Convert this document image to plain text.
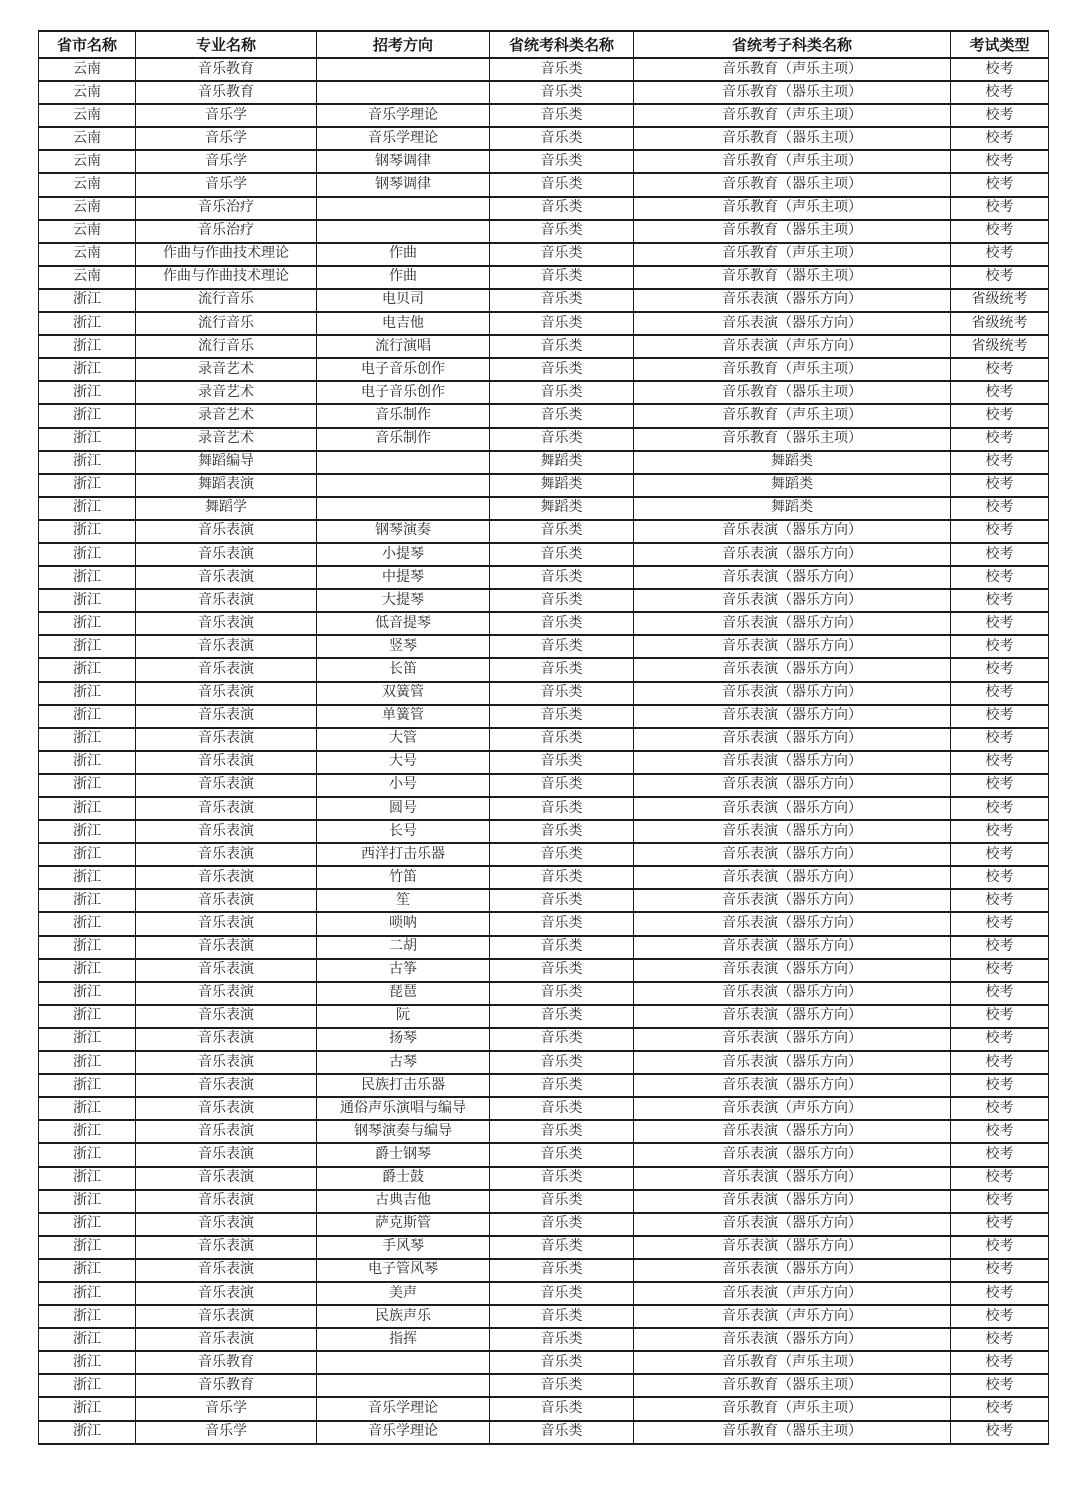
省市名称	专业名称	招考方向	省统考科类名称	省统考子科类名称	考试类型
云南	音乐教育		音乐类	音乐教育（声乐主项）	校考
云南	音乐教育		音乐类	音乐教育（器乐主项）	校考
云南	音乐学	音乐学理论	音乐类	音乐教育（声乐主项）	校考
云南	音乐学	音乐学理论	音乐类	音乐教育（器乐主项）	校考
云南	音乐学	钢琴调律	音乐类	音乐教育（声乐主项）	校考
云南	音乐学	钢琴调律	音乐类	音乐教育（器乐主项）	校考
云南	音乐治疗		音乐类	音乐教育（声乐主项）	校考
云南	音乐治疗		音乐类	音乐教育（器乐主项）	校考
云南	作曲与作曲技术理论	作曲	音乐类	音乐教育（声乐主项）	校考
云南	作曲与作曲技术理论	作曲	音乐类	音乐教育（器乐主项）	校考
浙江	流行音乐	电贝司	音乐类	音乐表演（器乐方向）	省级统考
浙江	流行音乐	电吉他	音乐类	音乐表演（器乐方向）	省级统考
浙江	流行音乐	流行演唱	音乐类	音乐表演（声乐方向）	省级统考
浙江	录音艺术	电子音乐创作	音乐类	音乐教育（声乐主项）	校考
浙江	录音艺术	电子音乐创作	音乐类	音乐教育（器乐主项）	校考
浙江	录音艺术	音乐制作	音乐类	音乐教育（声乐主项）	校考
浙江	录音艺术	音乐制作	音乐类	音乐教育（器乐主项）	校考
浙江	舞蹈编导		舞蹈类	舞蹈类	校考
浙江	舞蹈表演		舞蹈类	舞蹈类	校考
浙江	舞蹈学		舞蹈类	舞蹈类	校考
浙江	音乐表演	钢琴演奏	音乐类	音乐表演（器乐方向）	校考
浙江	音乐表演	小提琴	音乐类	音乐表演（器乐方向）	校考
浙江	音乐表演	中提琴	音乐类	音乐表演（器乐方向）	校考
浙江	音乐表演	大提琴	音乐类	音乐表演（器乐方向）	校考
浙江	音乐表演	低音提琴	音乐类	音乐表演（器乐方向）	校考
浙江	音乐表演	竖琴	音乐类	音乐表演（器乐方向）	校考
浙江	音乐表演	长笛	音乐类	音乐表演（器乐方向）	校考
浙江	音乐表演	双簧管	音乐类	音乐表演（器乐方向）	校考
浙江	音乐表演	单簧管	音乐类	音乐表演（器乐方向）	校考
浙江	音乐表演	大管	音乐类	音乐表演（器乐方向）	校考
浙江	音乐表演	大号	音乐类	音乐表演（器乐方向）	校考
浙江	音乐表演	小号	音乐类	音乐表演（器乐方向）	校考
浙江	音乐表演	圆号	音乐类	音乐表演（器乐方向）	校考
浙江	音乐表演	长号	音乐类	音乐表演（器乐方向）	校考
浙江	音乐表演	西洋打击乐器	音乐类	音乐表演（器乐方向）	校考
浙江	音乐表演	竹笛	音乐类	音乐表演（器乐方向）	校考
浙江	音乐表演	笙	音乐类	音乐表演（器乐方向）	校考
浙江	音乐表演	唢呐	音乐类	音乐表演（器乐方向）	校考
浙江	音乐表演	二胡	音乐类	音乐表演（器乐方向）	校考
浙江	音乐表演	古筝	音乐类	音乐表演（器乐方向）	校考
浙江	音乐表演	琵琶	音乐类	音乐表演（器乐方向）	校考
浙江	音乐表演	阮	音乐类	音乐表演（器乐方向）	校考
浙江	音乐表演	扬琴	音乐类	音乐表演（器乐方向）	校考
浙江	音乐表演	古琴	音乐类	音乐表演（器乐方向）	校考
浙江	音乐表演	民族打击乐器	音乐类	音乐表演（器乐方向）	校考
浙江	音乐表演	通俗声乐演唱与编导	音乐类	音乐表演（声乐方向）	校考
浙江	音乐表演	钢琴演奏与编导	音乐类	音乐表演（器乐方向）	校考
浙江	音乐表演	爵士钢琴	音乐类	音乐表演（器乐方向）	校考
浙江	音乐表演	爵士鼓	音乐类	音乐表演（器乐方向）	校考
浙江	音乐表演	古典吉他	音乐类	音乐表演（器乐方向）	校考
浙江	音乐表演	萨克斯管	音乐类	音乐表演（器乐方向）	校考
浙江	音乐表演	手风琴	音乐类	音乐表演（器乐方向）	校考
浙江	音乐表演	电子管风琴	音乐类	音乐表演（器乐方向）	校考
浙江	音乐表演	美声	音乐类	音乐表演（声乐方向）	校考
浙江	音乐表演	民族声乐	音乐类	音乐表演（声乐方向）	校考
浙江	音乐表演	指挥	音乐类	音乐表演（器乐方向）	校考
浙江	音乐教育		音乐类	音乐教育（声乐主项）	校考
浙江	音乐教育		音乐类	音乐教育（器乐主项）	校考
浙江	音乐学	音乐学理论	音乐类	音乐教育（声乐主项）	校考
浙江	音乐学	音乐学理论	音乐类	音乐教育（器乐主项）	校考
